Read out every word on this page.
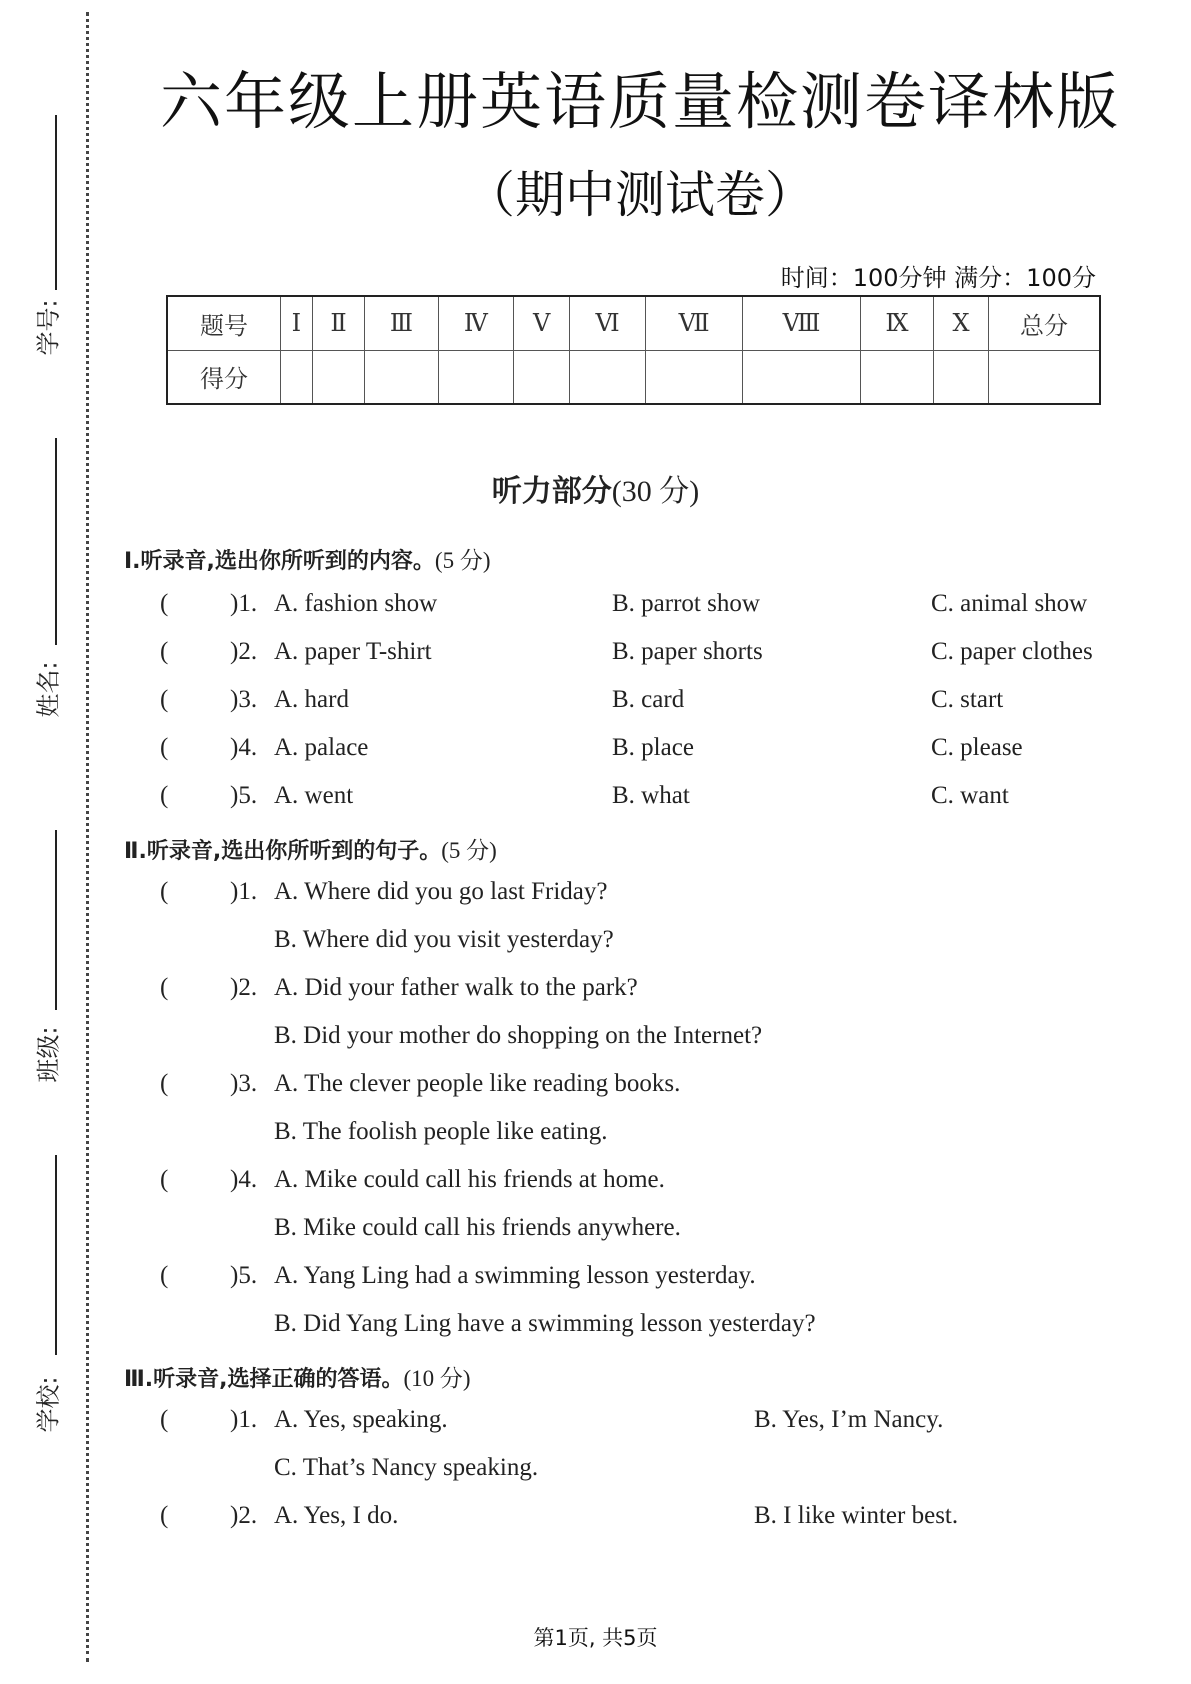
学号:
姓名:
班级:
学校:
六年级上册英语质量检测卷译林版
（期中测试卷）
时间：100分钟 满分：100分
题号	Ⅰ	Ⅱ	Ⅲ	Ⅳ	Ⅴ	Ⅵ	Ⅶ	Ⅷ	Ⅸ	Ⅹ	总分
得分											
听力部分(30 分)
Ⅰ.听录音,选出你所听到的内容。(5 分)
( )1. A. fashion show	B. parrot show	C. animal show
( )2. A. paper T-shirt	B. paper shorts	C. paper clothes
( )3. A. hard	B. card	C. start
( )4. A. palace	B. place	C. please
( )5. A. went	B. what	C. want
Ⅱ.听录音,选出你所听到的句子。(5 分)
( )1. A. Where did you go last Friday?
B. Where did you visit yesterday?
( )2. A. Did your father walk to the park?
B. Did your mother do shopping on the Internet?
( )3. A. The clever people like reading books.
B. The foolish people like eating.
( )4. A. Mike could call his friends at home.
B. Mike could call his friends anywhere.
( )5. A. Yang Ling had a swimming lesson yesterday.
B. Did Yang Ling have a swimming lesson yesterday?
Ⅲ.听录音,选择正确的答语。(10 分)
( )1. A. Yes, speaking.	B. Yes, I’m Nancy.
C. That’s Nancy speaking.
( )2. A. Yes, I do.	B. I like winter best.
第1页, 共5页
